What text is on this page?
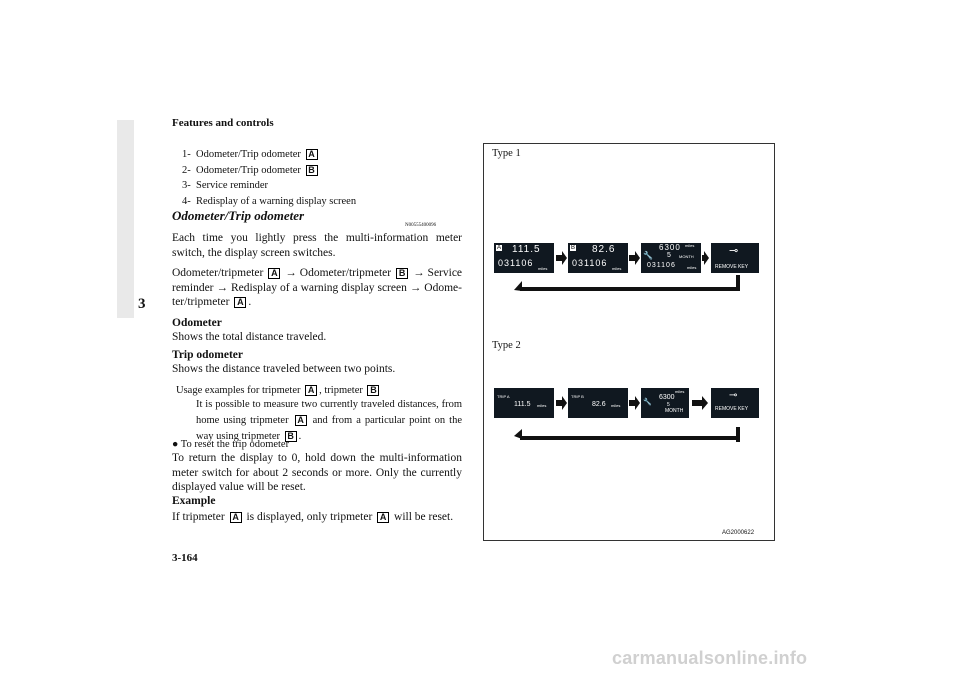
Features and controls
3
3-164
1- Odometer/Trip odometer A
2- Odometer/Trip odometer B
3- Service reminder
4- Redisplay of a warning display screen
Odometer/Trip odometer
N00555400096
Each time you lightly press the multi-information meter switch, the display screen switches.
Odometer/tripmeter A → Odometer/tripmeter B → Service reminder → Redisplay of a warning display screen → Odome-ter/tripmeter A .
Odometer
Shows the total distance traveled.
Trip odometer
Shows the distance traveled between two points.
Usage examples for tripmeter A , tripmeter B
It is possible to measure two currently traveled distances, from home using tripmeter A and from a particular point on the way using tripmeter B .
● To reset the trip odometer
To return the display to 0, hold down the multi-information meter switch for about 2 seconds or more. Only the currently displayed value will be reset.
Example
If tripmeter A is displayed, only tripmeter A will be reset.
Type 1
Type 2
A 111.5
031106
miles
B 82.6
031106
miles
🔧
6300 miles
5 MONTH
031106	miles
⊸
REMOVE KEY
TRIP A
111.5 miles
TRIP B
82.6 miles	🔧
miles
6300
5
MONTH
⊸
REMOVE KEY
AG2000622
carmanualsonline.info
